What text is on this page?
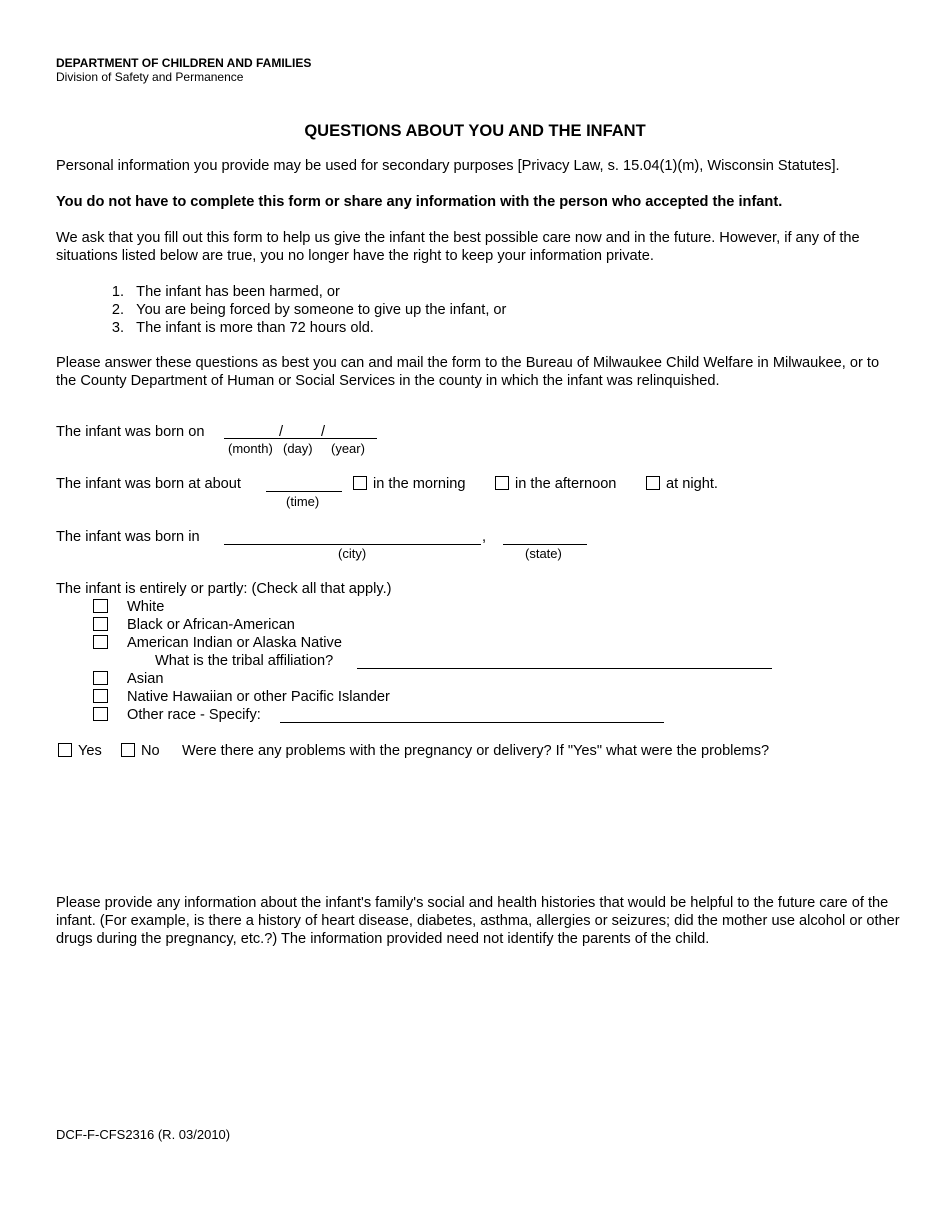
DEPARTMENT OF CHILDREN AND FAMILIES
Division of Safety and Permanence
QUESTIONS ABOUT YOU AND THE INFANT
Personal information you provide may be used for secondary purposes [Privacy Law, s. 15.04(1)(m), Wisconsin Statutes].
You do not have to complete this form or share any information with the person who accepted the infant.
We ask that you fill out this form to help us give the infant the best possible care now and in the future. However, if any of the situations listed below are true, you no longer have the right to keep your information private.
1. The infant has been harmed, or
2. You are being forced by someone to give up the infant, or
3. The infant is more than 72 hours old.
Please answer these questions as best you can and mail the form to the Bureau of Milwaukee Child Welfare in Milwaukee, or to the County Department of Human or Social Services in the county in which the infant was relinquished.
The infant was born on	/	/
(month) (day) (year)
The infant was born at about
(time)
in the morning	in the afternoon	at night.
The infant was born in	,
(city)	(state)
The infant is entirely or partly: (Check all that apply.)
White
Black or African-American
American Indian or Alaska Native
What is the tribal affiliation?
Asian
Native Hawaiian or other Pacific Islander
Other race - Specify:
Yes	No Were there any problems with the pregnancy or delivery? If "Yes" what were the problems?
Please provide any information about the infant's family's social and health histories that would be helpful to the future care of the infant. (For example, is there a history of heart disease, diabetes, asthma, allergies or seizures; did the mother use alcohol or other drugs during the pregnancy, etc.?) The information provided need not identify the parents of the child.
DCF-F-CFS2316 (R. 03/2010)
